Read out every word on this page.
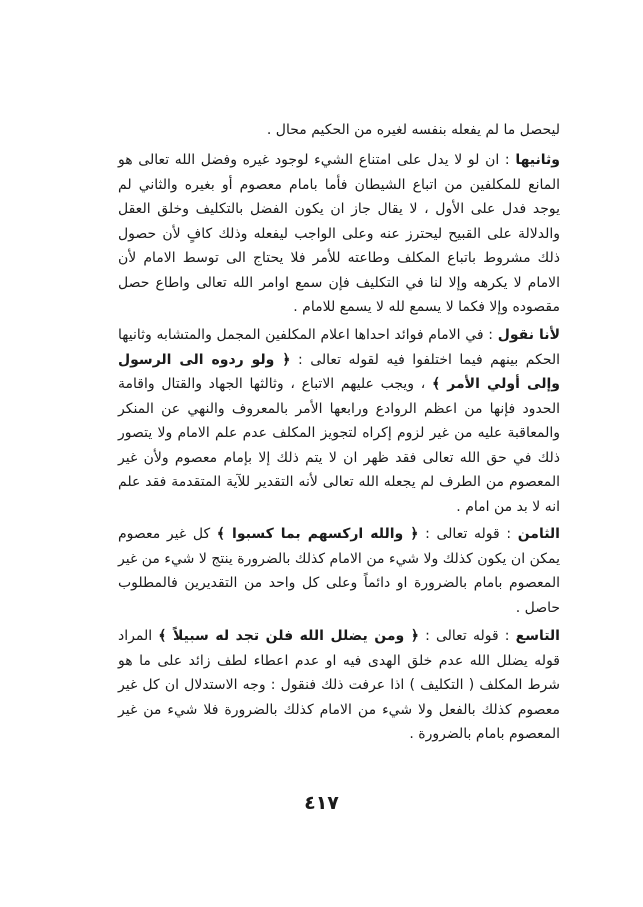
ليحصل ما لم يفعله بنفسه لغيره من الحكيم محال .

وثانيها : ان لو لا يدل على امتناع الشيء لوجود غيره وفضل الله تعالى هو المانع للمكلفين من اتباع الشيطان فأما بامام معصوم أو بغيره والثاني لم يوجد فدل على الأول ، لا يقال جاز ان يكون الفضل بالتكليف وخلق العقل والدلالة على القبيح ليحترز عنه وعلى الواجب ليفعله وذلك كافٍ لأن حصول ذلك مشروط باتباع المكلف وطاعته للأمر فلا يحتاج الى توسط الامام لأن الامام لا يكرهه وإلا لنا في التكليف فإن سمع اوامر الله تعالى واطاع حصل مقصوده وإلا فكما لا يسمع لله لا يسمع للامام .

لأنا نقول : في الامام فوائد احداها اعلام المكلفين المجمل والمتشابه وثانيها الحكم بينهم فيما اختلفوا فيه لقوله تعالى : ﴿ ولو ردوه الى الرسول وإلى أولي الأمر ﴾ ، ويجب عليهم الاتباع ، وثالثها الجهاد والقتال واقامة الحدود فإنها من اعظم الروادع ورابعها الأمر بالمعروف والنهي عن المنكر والمعاقبة عليه من غير لزوم إكراه لتجويز المكلف عدم علم الامام ولا يتصور ذلك في حق الله تعالى فقد ظهر ان لا يتم ذلك إلا بإمام معصوم ولأن غير المعصوم من الطرف لم يجعله الله تعالى لأنه التقدير للآية المتقدمة فقد علم انه لا بد من امام .

الثامن : قوله تعالى : ﴿ والله اركسهم بما كسبوا ﴾ كل غير معصوم يمكن ان يكون كذلك ولا شيء من الامام كذلك بالضرورة ينتج لا شيء من غير المعصوم بامام بالضرورة او دائماً وعلى كل واحد من التقديرين فالمطلوب حاصل .

التاسع : قوله تعالى : ﴿ ومن يضلل الله فلن تجد له سبيلاً ﴾ المراد قوله يضلل الله عدم خلق الهدى فيه او عدم اعطاء لطف زائد على ما هو شرط المكلف ( التكليف ) اذا عرفت ذلك فنقول : وجه الاستدلال ان كل غير معصوم كذلك بالفعل ولا شيء من الامام كذلك بالضرورة فلا شيء من غير المعصوم بامام بالضرورة .

٤١٧
